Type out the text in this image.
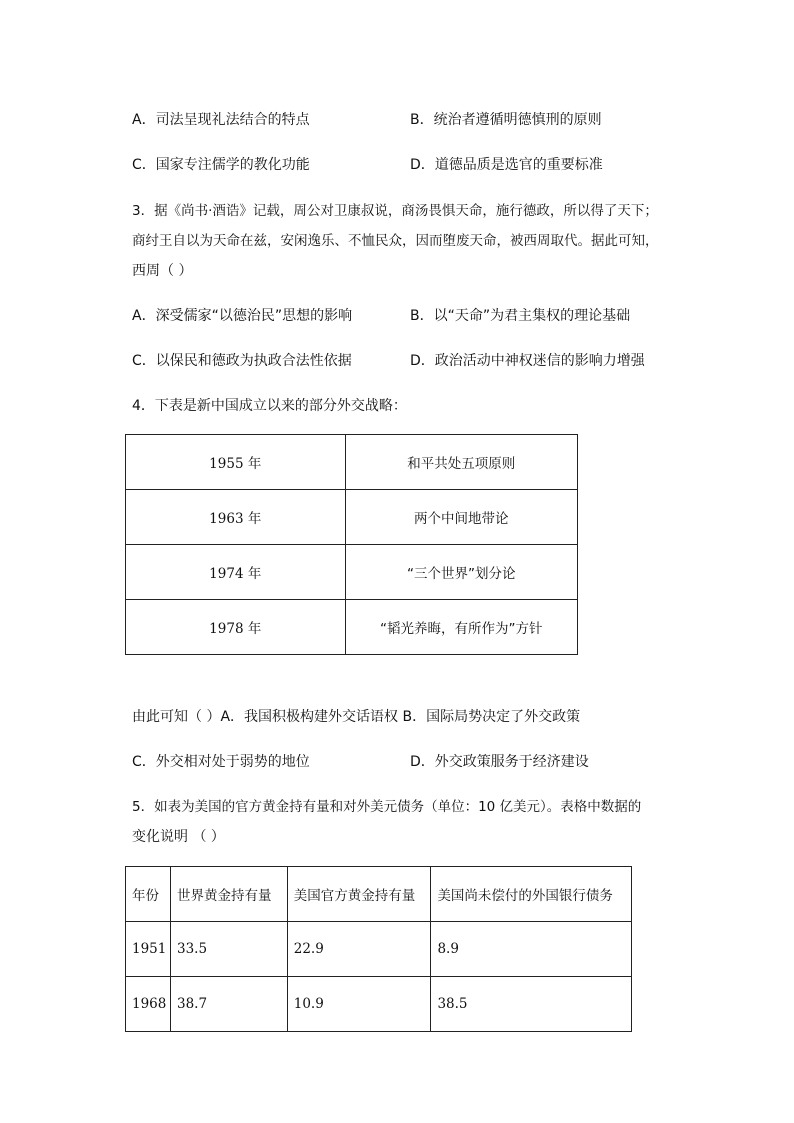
A．司法呈现礼法结合的特点	B．统治者遵循明德慎刑的原则
C．国家专注儒学的教化功能	D．道德品质是选官的重要标准
3．据《尚书·酒诰》记载，周公对卫康叔说，商汤畏惧天命，施行德政，所以得了天下；
商纣王自以为天命在兹，安闲逸乐、不恤民众，因而堕废天命，被西周取代。据此可知，
西周（ ）
A．深受儒家“以德治民”思想的影响	B．以“天命”为君主集权的理论基础
C．以保民和德政为执政合法性依据	D．政治活动中神权迷信的影响力增强
4．下表是新中国成立以来的部分外交战略：
1955 年	和平共处五项原则
1963 年	两个中间地带论
1974 年	“三个世界”划分论
1978 年	“韬光养晦，有所作为”方针
由此可知（ ）A．我国积极构建外交话语权 B．国际局势决定了外交政策
C．外交相对处于弱势的地位	D．外交政策服务于经济建设
5．如表为美国的官方黄金持有量和对外美元债务（单位：10 亿美元）。表格中数据的
变化说明 （ ）
年份	世界黄金持有量	美国官方黄金持有量	美国尚未偿付的外国银行债务
1951	33.5	22.9	8.9
1968	38.7	10.9	38.5
